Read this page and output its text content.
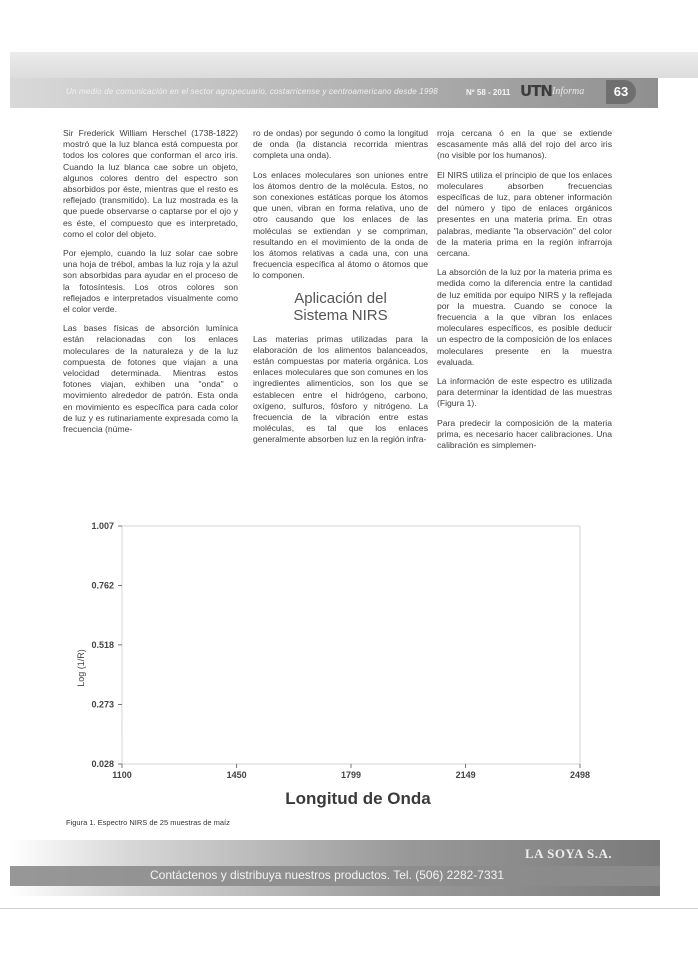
Un medio de comunicación en el sector agropecuario, costarricense y centroamericano desde 1998	Nº 58 - 2011 UTN Informa	63

Sir Frederick William Herschel (1738-1822) mostró que la luz blanca está compuesta por todos los colores que conforman el arco iris. Cuando la luz blanca cae sobre un objeto, algunos colores dentro del espectro son absorbidos por éste, mientras que el resto es reflejado (transmitido). La luz mostrada es la que puede observarse o captarse por el ojo y es éste, el compuesto que es interpretado, como el color del objeto.

Por ejemplo, cuando la luz solar cae sobre una hoja de trébol, ambas la luz roja y la azul son absorbidas para ayudar en el proceso de la fotosíntesis. Los otros colores son reflejados e interpretados visualmente como el color verde.

Las bases físicas de absorción lumínica están relacionadas con los enlaces moleculares de la naturaleza y de la luz compuesta de fotones que viajan a una velocidad determinada. Mientras estos fotones viajan, exhiben una "onda" o movimiento alrededor de patrón. Esta onda en movimiento es específica para cada color de luz y es rutinariamente expresada como la frecuencia (núme-

ro de ondas) por segundo ó como la longitud de onda (la distancia recorrida mientras completa una onda).

Los enlaces moleculares son uniones entre los átomos dentro de la molécula. Estos, no son conexiones estáticas porque los átomos que unen, vibran en forma relativa, uno de otro causando que los enlaces de las moléculas se extiendan y se compriman, resultando en el movimiento de la onda de los átomos relativas a cada una, con una frecuencia específica al átomo o átomos que lo componen.

Aplicación del
Sistema NIRS

Las materias primas utilizadas para la elaboración de los alimentos balanceados, están compuestas por materia orgánica. Los enlaces moleculares que son comunes en los ingredientes alimenticios, son los que se establecen entre el hidrógeno, carbono, oxígeno, sulfuros, fósforo y nitrógeno. La frecuencia de la vibración entre estas moléculas, es tal que los enlaces generalmente absorben luz en la región infra-

rroja cercana ó en la que se extiende escasamente más allá del rojo del arco iris (no visible por los humanos).

El NIRS utiliza el principio de que los enlaces moleculares absorben frecuencias específicas de luz, para obtener información del número y tipo de enlaces orgánicos presentes en una materia prima. En otras palabras, mediante "la observación" del color de la materia prima en la región infrarroja cercana.

La absorción de la luz por la materia prima es medida como la diferencia entre la cantidad de luz emitida por equipo NIRS y la reflejada por la muestra. Cuando se conoce la frecuencia a la que vibran los enlaces moleculares específicos, es posible deducir un espectro de la composición de los enlaces moleculares presente en la muestra evaluada.

La información de este espectro es utilizada para determinar la identidad de las muestras (Figura 1).

Para predecir la composición de la materia prima, es necesario hacer calibraciones. Una calibración es simplemen-

1.007
0.762
0.518
0.273
0.028
1100	1450	1799	2149	2498
Longitud de Onda
Log (1/R)
Figura 1. Espectro NIRS de 25 muestras de maíz
LA SOYA S.A.
Contáctenos y distribuya nuestros productos. Tel. (506) 2282-7331
